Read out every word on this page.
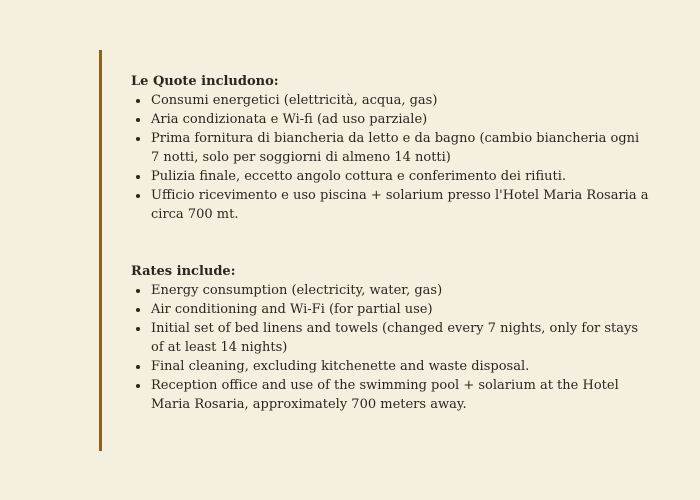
Le Quote includono:

Consumi energetici (elettricità, acqua, gas)
Aria condizionata e Wi-fi (ad uso parziale)
Prima fornitura di biancheria da letto e da bagno (cambio biancheria ogni 7 notti, solo per soggiorni di almeno 14 notti)
Pulizia finale, eccetto angolo cottura e conferimento dei rifiuti.
Ufficio ricevimento e uso piscina + solarium presso l'Hotel Maria Rosaria a circa 700 mt.

Rates include:

Energy consumption (electricity, water, gas)
Air conditioning and Wi-Fi (for partial use)
Initial set of bed linens and towels (changed every 7 nights, only for stays of at least 14 nights)
Final cleaning, excluding kitchenette and waste disposal.
Reception office and use of the swimming pool + solarium at the Hotel Maria Rosaria, approximately 700 meters away.
